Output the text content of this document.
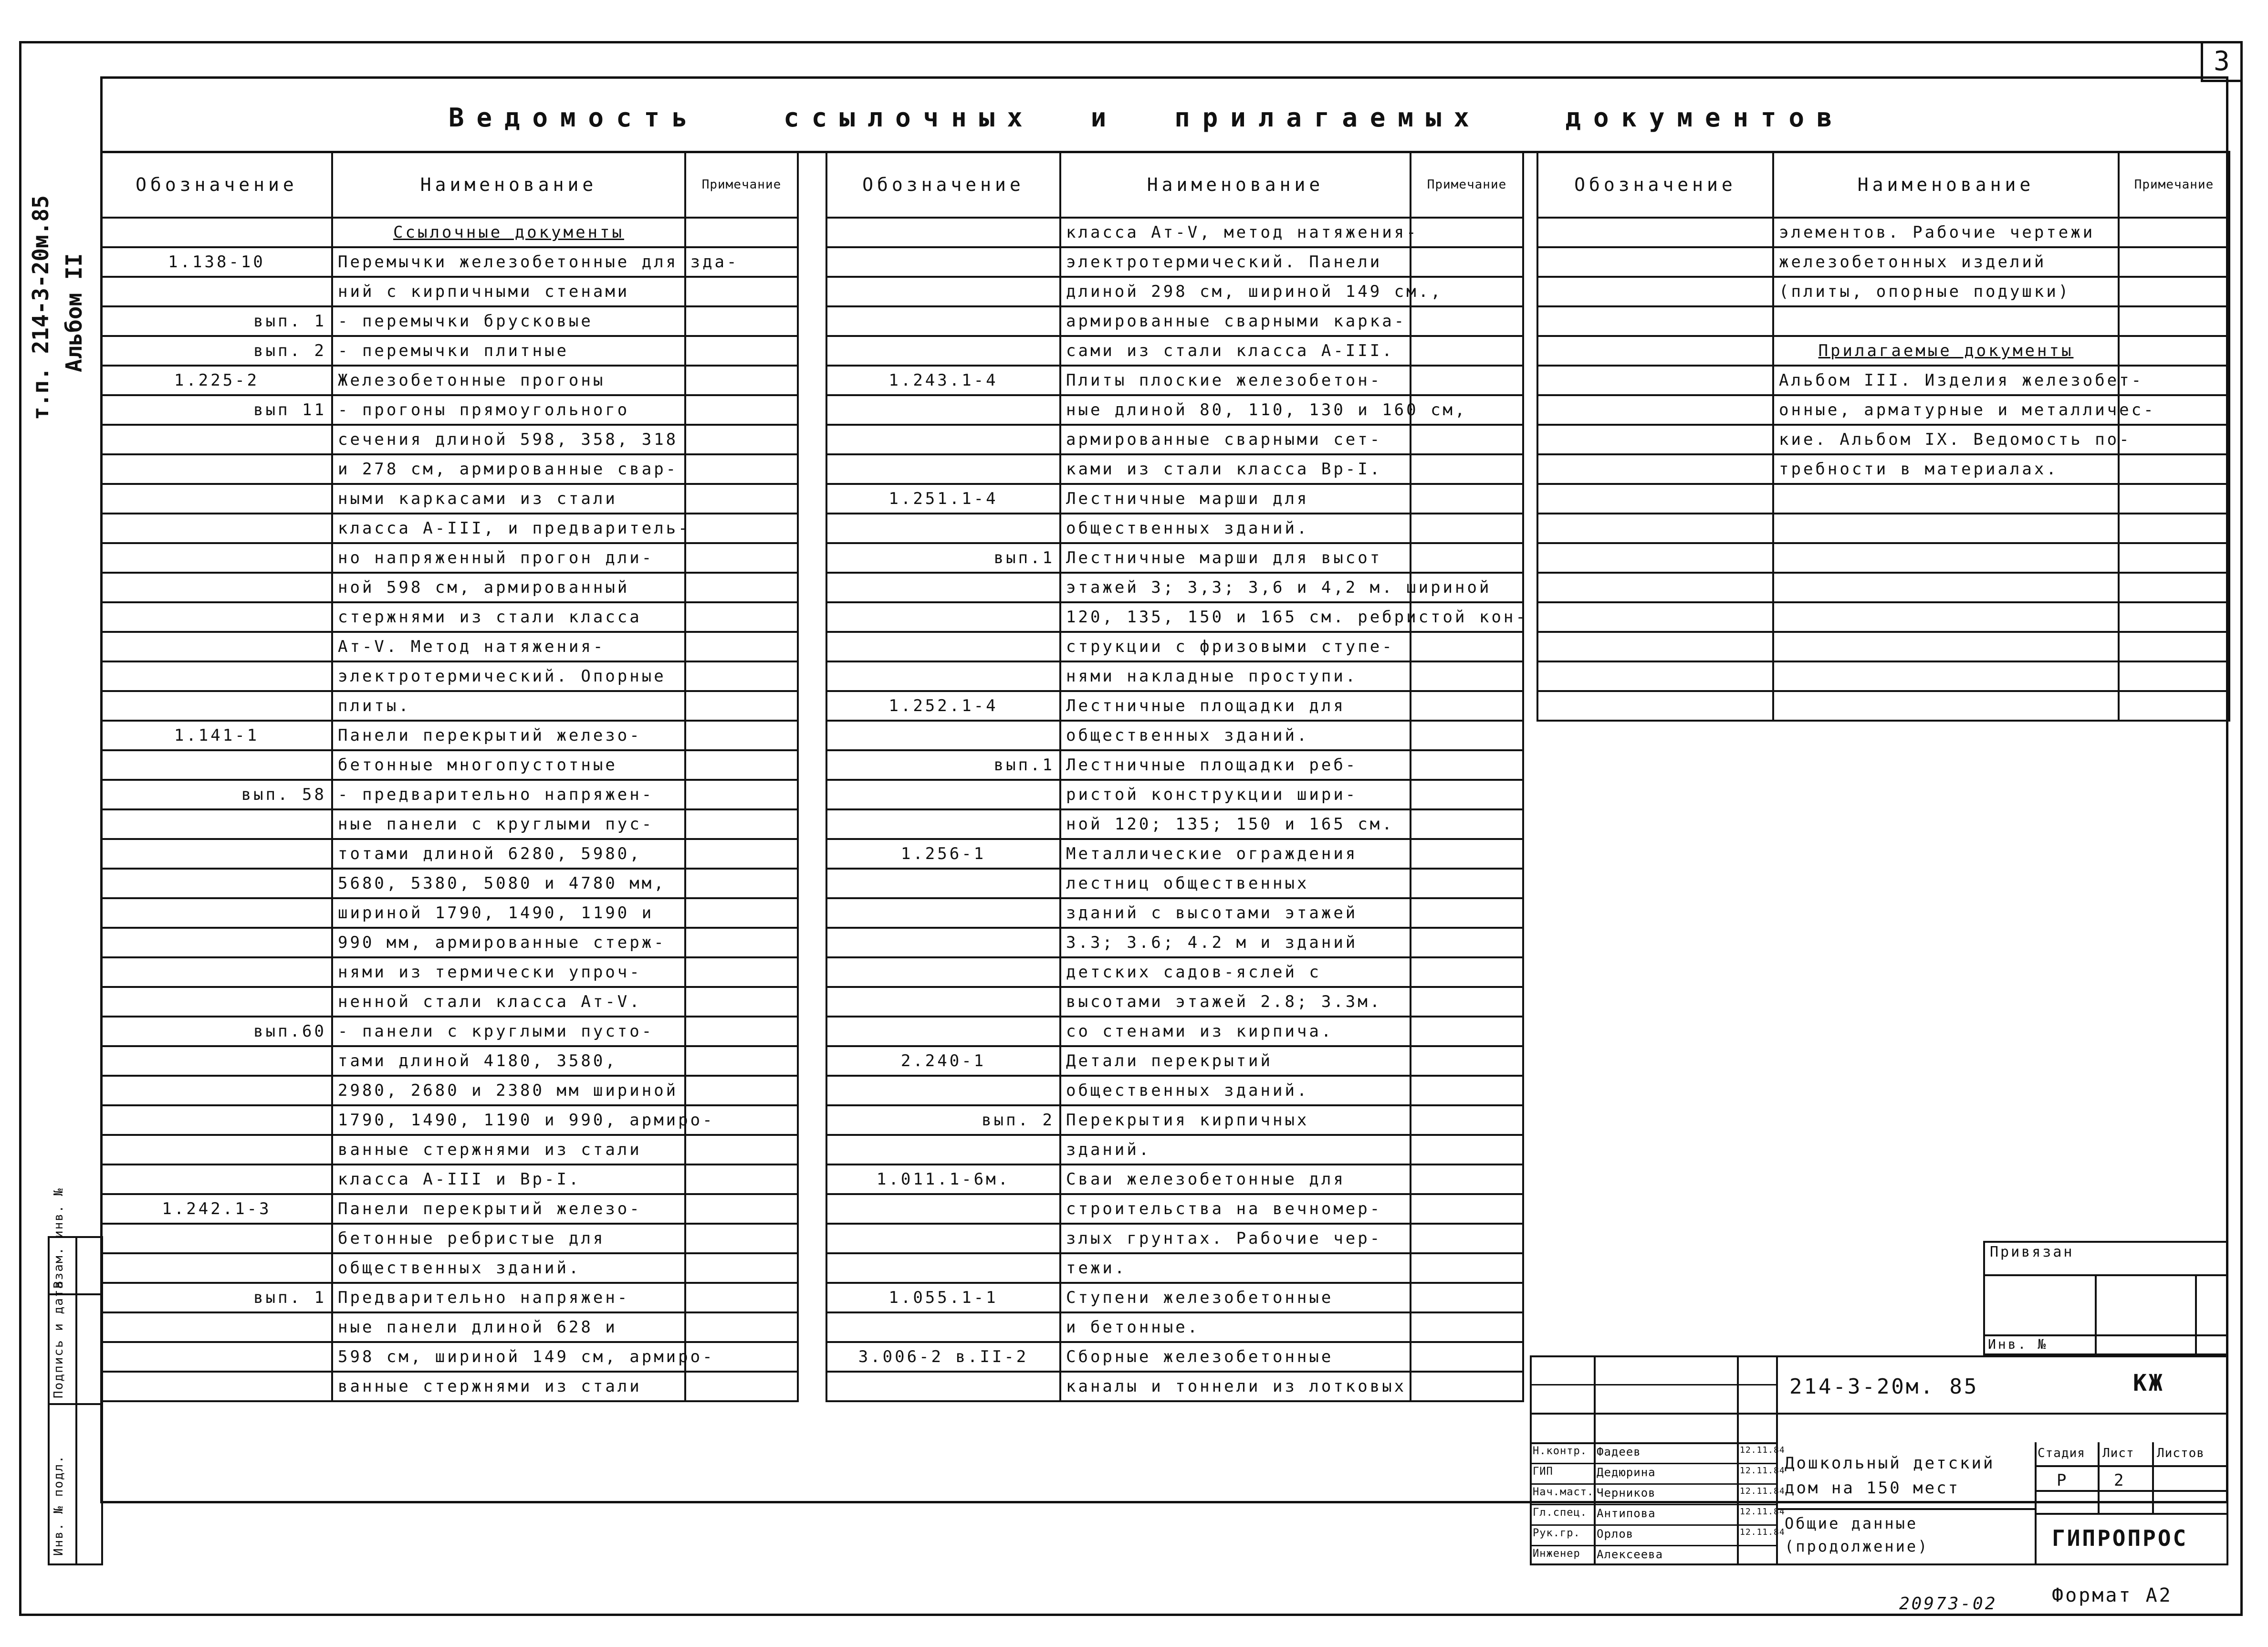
3
Ведомость   ссылочных  и  прилагаемых   документов
т.п. 214-3-20м.85 Альбом II
Обозначение	Наименование	Примечание
	Ссылочные документы	
1.138-10	Перемычки железобетонные для зда-	
	ний с кирпичными стенами	
вып. 1	- перемычки брусковые	
вып. 2	- перемычки плитные	
1.225-2	Железобетонные прогоны	
вып 11	- прогоны прямоугольного	
	сечения длиной 598, 358, 318	
	и 278 см, армированные свар-	
	ными каркасами из стали	
	класса А-III, и предваритель-	
	но напряженный прогон дли-	
	ной 598 см, армированный	
	стержнями из стали класса	
	Ат-V. Метод натяжения-	
	электротермический. Опорные	
	плиты.	
1.141-1	Панели перекрытий железо-	
	бетонные многопустотные	
вып. 58	- предварительно напряжен-	
	ные панели с круглыми пус-	
	тотами длиной 6280, 5980,	
	5680, 5380, 5080 и 4780 мм,	
	шириной 1790, 1490, 1190 и	
	990 мм, армированные стерж-	
	нями из термически упроч-	
	ненной стали класса Ат-V.	
вып.60	- панели с круглыми пусто-	
	тами длиной 4180, 3580,	
	2980, 2680 и 2380 мм шириной	
	1790, 1490, 1190 и 990, армиро-	
	ванные стержнями из стали	
	класса А-III и Вр-I.	
1.242.1-3	Панели перекрытий железо-	
	бетонные ребристые для	
	общественных зданий.	
вып. 1	Предварительно напряжен-	
	ные панели длиной 628 и	
	598 см, шириной 149 см, армиро-	
	ванные стержнями из стали	
Обозначение	Наименование	Примечание
	класса Ат-V, метод натяжения-	
	электротермический. Панели	
	длиной 298 см, шириной 149 см.,	
	армированные сварными карка-	
	сами из стали класса А-III.	
1.243.1-4	Плиты плоские железобетон-	
	ные длиной 80, 110, 130 и 160 см,	
	армированные сварными сет-	
	ками из стали класса Вр-I.	
1.251.1-4	Лестничные марши для	
	общественных зданий.	
вып.1	Лестничные марши для высот	
	этажей 3; 3,3; 3,6 и 4,2 м. шириной	
	120, 135, 150 и 165 см. ребристой кон-	
	струкции с фризовыми ступе-	
	нями накладные проступи.	
1.252.1-4	Лестничные площадки для	
	общественных зданий.	
вып.1	Лестничные площадки реб-	
	ристой конструкции шири-	
	ной 120; 135; 150 и 165 см.	
1.256-1	Металлические ограждения	
	лестниц общественных	
	зданий с высотами этажей	
	3.3; 3.6; 4.2 м и зданий	
	детских садов-яслей с	
	высотами этажей 2.8; 3.3м.	
	со стенами из кирпича.	
2.240-1	Детали перекрытий	
	общественных зданий.	
вып. 2	Перекрытия кирпичных	
	зданий.	
1.011.1-6м.	Сваи железобетонные для	
	строительства на вечномер-	
	злых грунтах. Рабочие чер-	
	тежи.	
1.055.1-1	Ступени железобетонные	
	и бетонные.	
3.006-2 в.II-2	Сборные железобетонные	
	каналы и тоннели из лотковых	
Обозначение	Наименование	Примечание
	элементов. Рабочие чертежи	
	железобетонных изделий	
	(плиты, опорные подушки)	

	Прилагаемые документы	
	Альбом III. Изделия железобет-	
	онные, арматурные и металличес-	
	кие. Альбом IX. Ведомость по-	
	требности в материалах.	

Инв. № подл.
Подпись и дата
Взам. инв. №	Привязан
Инв. №
214-3-20м. 85	КЖ
Н.контр. Фадеев	12.11.84
ГИП	Дедюрина	12.11.84
Нач.маст. Черников	12.11.84
Гл.спец. Антипова	12.11.84
Рук.гр. Орлов	12.11.84
Инженер Алексеева
Дошкольный детский дом на 150 мест
Общие данные (продолжение)
Стадия Лист Листов
Р	2
ГИПРОПРОС
20973-02	Формат А2
